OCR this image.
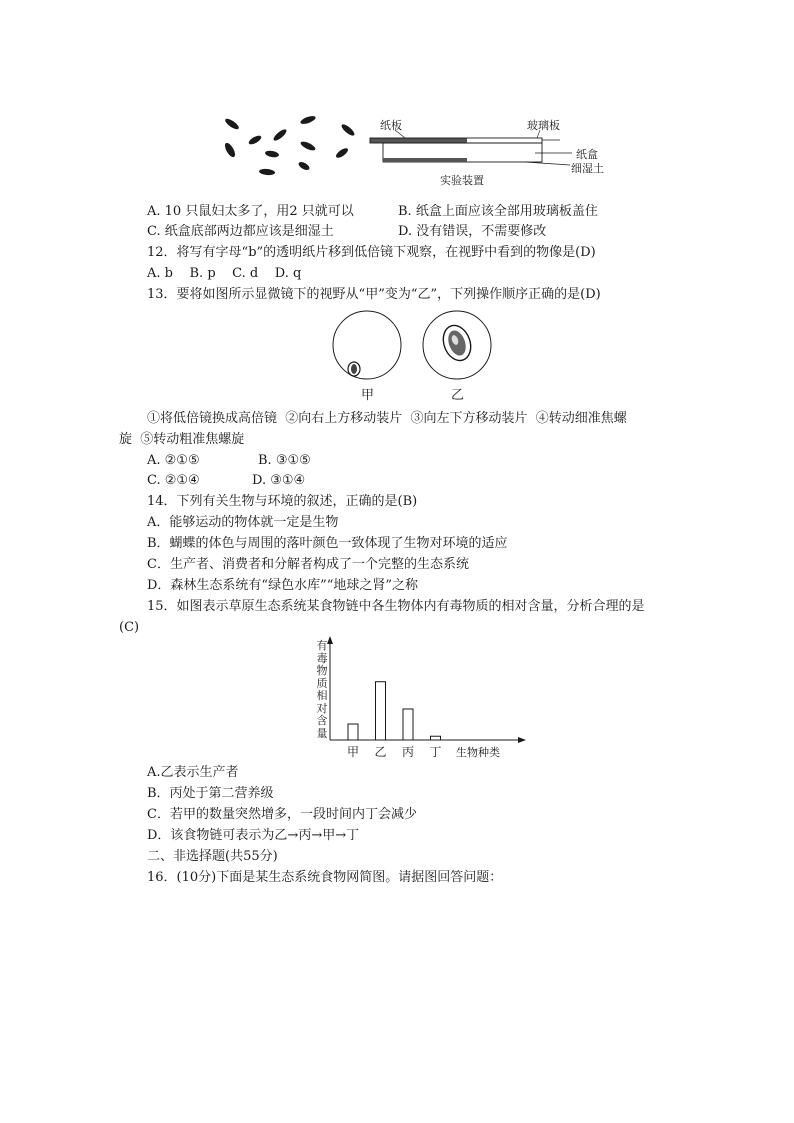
纸板	玻璃板
纸盒
细湿土
实验装置
A. 10 只鼠妇太多了，用2 只就可以	B. 纸盒上面应该全部用玻璃板盖住
C. 纸盒底部两边都应该是细湿土	D. 没有错误，不需要修改
12．将写有字母“b”的透明纸片移到低倍镜下观察，在视野中看到的物像是(D)
A. b    B. p    C. d    D. q
13．要将如图所示显微镜下的视野从“甲”变为“乙”，下列操作顺序正确的是(D)
甲	乙
①将低倍镜换成高倍镜  ②向右上方移动装片  ③向左下方移动装片  ④转动细准焦螺
旋  ⑤转动粗准焦螺旋
A. ②①⑤	B. ③①⑤
C. ②①④	D. ③①④
14．下列有关生物与环境的叙述，正确的是(B)
A．能够运动的物体就一定是生物
B．蝴蝶的体色与周围的落叶颜色一致体现了生物对环境的适应
C．生产者、消费者和分解者构成了一个完整的生态系统
D．森林生态系统有“绿色水库”“地球之肾”之称
15．如图表示草原生态系统某食物链中各生物体内有毒物质的相对含量，分析合理的是
(C)
有毒物质相对含量
甲 乙 丙 丁 生物种类
A.乙表示生产者
B．丙处于第二营养级
C．若甲的数量突然增多，一段时间内丁会减少
D．该食物链可表示为乙→丙→甲→丁
二、非选择题(共55分)
16．(10分)下面是某生态系统食物网简图。请据图回答问题：
